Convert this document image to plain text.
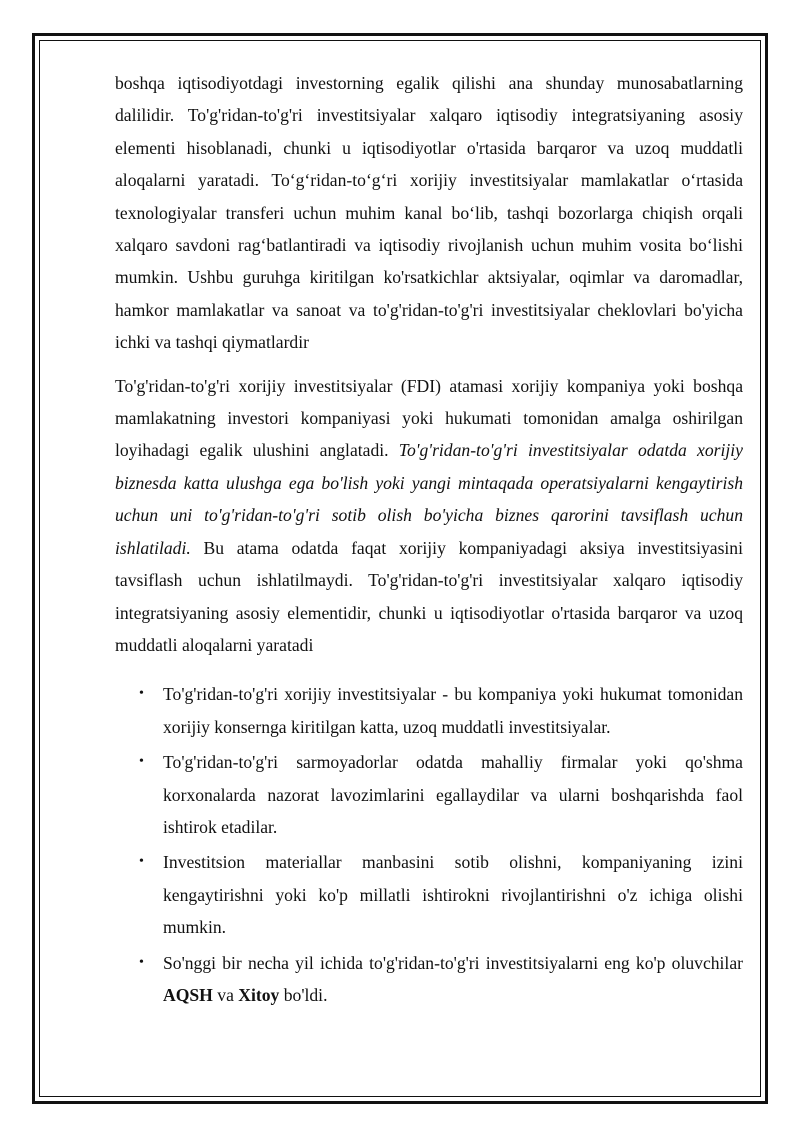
boshqa iqtisodiyotdagi investorning egalik qilishi ana shunday munosabatlarning dalilidir. To'g'ridan-to'g'ri investitsiyalar xalqaro iqtisodiy integratsiyaning asosiy elementi hisoblanadi, chunki u iqtisodiyotlar o'rtasida barqaror va uzoq muddatli aloqalarni yaratadi. To‘g‘ridan-to‘g‘ri xorijiy investitsiyalar mamlakatlar o‘rtasida texnologiyalar transferi uchun muhim kanal bo‘lib, tashqi bozorlarga chiqish orqali xalqaro savdoni rag‘batlantiradi va iqtisodiy rivojlanish uchun muhim vosita bo‘lishi mumkin. Ushbu guruhga kiritilgan ko'rsatkichlar aktsiyalar, oqimlar va daromadlar, hamkor mamlakatlar va sanoat va to'g'ridan-to'g'ri investitsiyalar cheklovlari bo'yicha ichki va tashqi qiymatlardir

To'g'ridan-to'g'ri xorijiy investitsiyalar (FDI) atamasi xorijiy kompaniya yoki boshqa mamlakatning investori kompaniyasi yoki hukumati tomonidan amalga oshirilgan loyihadagi egalik ulushini anglatadi. To'g'ridan-to'g'ri investitsiyalar odatda xorijiy biznesda katta ulushga ega bo'lish yoki yangi mintaqada operatsiyalarni kengaytirish uchun uni to'g'ridan-to'g'ri sotib olish bo'yicha biznes qarorini tavsiflash uchun ishlatiladi. Bu atama odatda faqat xorijiy kompaniyadagi aksiya investitsiyasini tavsiflash uchun ishlatilmaydi. To'g'ridan-to'g'ri investitsiyalar xalqaro iqtisodiy integratsiyaning asosiy elementidir, chunki u iqtisodiyotlar o'rtasida barqaror va uzoq muddatli aloqalarni yaratadi

• To'g'ridan-to'g'ri xorijiy investitsiyalar - bu kompaniya yoki hukumat tomonidan xorijiy konsernga kiritilgan katta, uzoq muddatli investitsiyalar.
• To'g'ridan-to'g'ri sarmoyadorlar odatda mahalliy firmalar yoki qo'shma korxonalarda nazorat lavozimlarini egallaydilar va ularni boshqarishda faol ishtirok etadilar.
• Investitsion materiallar manbasini sotib olishni, kompaniyaning izini kengaytirishni yoki ko'p millatli ishtirokni rivojlantirishni o'z ichiga olishi mumkin.
• So'nggi bir necha yil ichida to'g'ridan-to'g'ri investitsiyalarni eng ko'p oluvchilar AQSH va Xitoy bo'ldi.
